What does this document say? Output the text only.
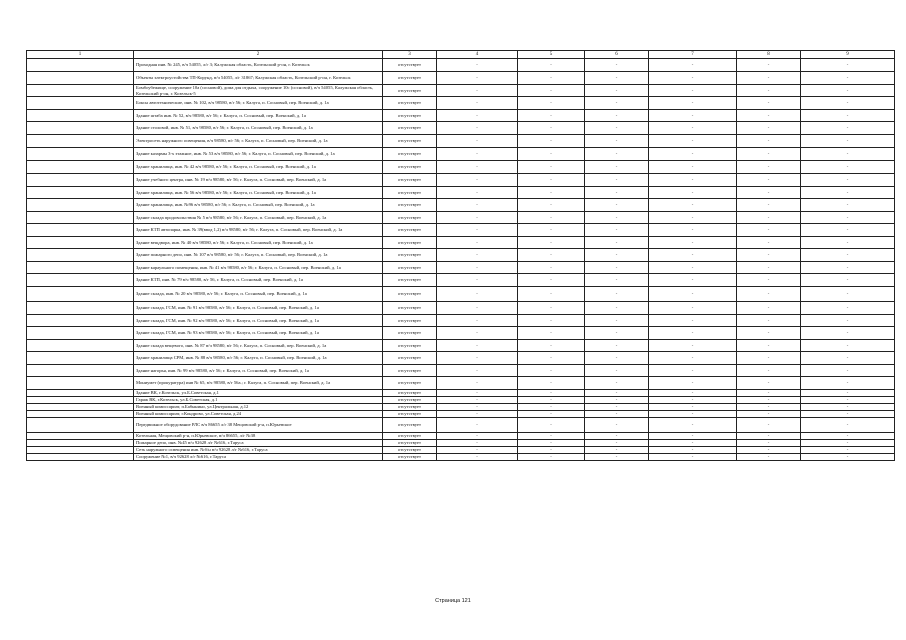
1	2	3	4	5	6	7	8	9
	Проходная инв. № 245, в/ч 54055, л/г 3; Калужская область, Козельский р-он, г. Козельск	отсутствует	-	-	-	-	-	-
	Объекты электроустойства ТП-Корунд, в/ч 54055, л/г 31867; Калужская область, Козельский р-он, г. Козельск	отсутствует	-	-	-	-	-	-
	Бомбоубежище, сооружение 10а (сосновой), дома для отдыха, сооружение 10с (сосновой), в/ч 54055, Калужская область, Козельский р-он, г. Козельск-5	отсутствует	-	-	-	-	-	-
	Боксы автотехнические, инв. № 102, в/ч 98580, в/г 56; г. Калуга, п. Сосновый, пер. Военский, д. 1а	отсутствует	-	-	-	-	-	-
	Здание штаба инв. № 52, в/ч 98580, в/г 56; г. Калуга, п. Сосновый, пер. Военский, д. 1а	отсутствует	-	-	-	-	-	-
	Здание столовой, инв. № 51, в/ч 98580, в/г 56; г. Калуга, п. Сосновый, пер. Военский, д. 1а	отсутствует	-	-	-	-	-	-
	Электросеть наружного освещения, в/ч 98580, в/г 56; г. Калуга, п. Сосновый, пер. Военский, д. 1а	отсутствует	-	-	-	-	-	-
	Здание казармы 3-х этажное, инв. № 53 в/ч 98580, в/г 56; г. Калуга, п. Сосновый, пер. Военский, д. 1а	отсутствует	-	-	-	-	-	-
	Здание хранилища, инв. № 42 в/ч 98580, в/г 56; г. Калуга, п. Сосновый, пер. Военский, д. 1а	отсутствует	-	-	-	-	-	-
	Здание учебного центра, инв. № 19 в/ч 98580, в/г 56; г. Калуга, п. Сосновый, пер. Военский, д. 1а	отсутствует	-	-	-	-	-	-
	Здание хранилища, инв. № 56 в/ч 98580, в/г 56; г. Калуга, п. Сосновый, пер. Военский, д. 1а	отсутствует	-	-	-	-	-	-
	Здание хранилища, инв. №96 в/ч 98580, в/г 56; г. Калуга, п. Сосновый, пер. Военский, д. 1а	отсутствует	-	-	-	-	-	-
	Здание склада продовольствия № 5 в/ч 98580, в/г 56; г. Калуга, п. Сосновый, пер. Военский, д. 1а	отсутствует	-	-	-	-	-	-
	Здание КТП автопарка, инв. № 39(ввод 1,2) в/ч 98580, в/г 56; г. Калуга, п. Сосновый, пер. Военский, д. 1а	отсутствует	-	-	-	-	-	-
	Здание вещдвора, инв. № 40 в/ч 98580, в/г 56; г. Калуга, п. Сосновый, пер. Военский, д. 1а	отсутствует	-	-	-	-	-	-
	Здание пожарного депо, инв. № 107 в/ч 98580, в/г 56; г. Калуга, п. Сосновый, пер. Военский, д. 1а	отсутствует	-	-	-	-	-	-
	Здание караульного помещения, инв. № 41 в/ч 98580, в/г 56; г. Калуга, п. Сосновый, пер. Военский, д. 1а	отсутствует	-	-	-	-	-	-
	Здание КТП, инв. № 79 в/ч 98580, в/г 56, г. Калуга, п. Сосновый, пер. Военский, д. 1а	отсутствует	-	-	-	-	-	-
	Здание склада, инв. № 20 в/ч 98580, в/г 56; г. Калуга, п. Сосновый, пер. Военский, д. 1а	отсутствует	-	-	-	-	-	-
	Здание склада, ГСМ, инв. № 91 в/ч 98580, в/г 56; г. Калуга, п. Сосновый, пер. Военский, д. 1а	отсутствует	-	-	-	-	-	-
	Здание склада, ГСМ, инв. № 92 в/ч 98580, в/г 56; г. Калуга, п. Сосновый, пер. Военский, д. 1а	отсутствует	-	-	-	-	-	-
	Здание склада, ГСМ, инв. № 93 в/ч 98580, в/г 56; г. Калуга, п. Сосновый, пер. Военский, д. 1а	отсутствует	-	-	-	-	-	-
	Здание склада вещевого, инв. № 87 в/ч 98580, в/г 56; г. Калуга, п. Сосновый, пер. Военский, д. 1а	отсутствует	-	-	-	-	-	-
	Здание хранилища СРМ, инв. № 88 в/ч 98580, в/г 56; г. Калуга, п. Сосновый, пер. Военский, д. 1а	отсутствует	-	-	-	-	-	-
	Здание нагорья, инв. № 99 в/ч 98580, в/г 56; г. Калуга, п. Сосновый, пер. Военский, д. 1а	отсутствует	-	-	-	-	-	-
	Мониумет (прокуратура) инв № 65, в/ч 98580, в/г 56а.; г. Калуга, п. Сосновый, пер. Военский, д. 1а	отсутствует	-	-	-	-	-	-
	Здание ВК, г.Козельск, ул.Б.Советская, д.1	отсутствует	-	-	-	-	-	-
	Гараж ВК, г.Козельск, ул.Б.Советская, д.1	отсутствует	-	-	-	-	-	-
	Военный комиссариат, п.Бабынино, ул.Центральная, д.12	отсутствует	-	-	-	-	-	-
	Военный комиссариат, г.Кондрово, ул.Советская, д.24	отсутствует	-	-	-	-	-	-
	Передвижное оборудование РЛС в/ч 86655 л/г 38 Мещовский р-н, п.Юрьевское	отсутствует	-	-	-	-	-	-
	Котельная, Мещовский р-н, п.Юрьевское, в/ч 86655, л/г №38	отсутствует	-	-	-	-	-	-
	Пожарное депо, инв. №45 в/ч 92628 л/г №616, г.Таруса	отсутствует	-	-	-	-	-	-
	Сеть наружного освещения инв. №б/н в/ч 92628 л/г №616, г.Таруса	отсутствует	-	-	-	-	-	-
	Сооружение №1, в/ч 92628 л/г №616, г.Таруса	отсутствует	-	-	-	-	-	-
Страница 121
